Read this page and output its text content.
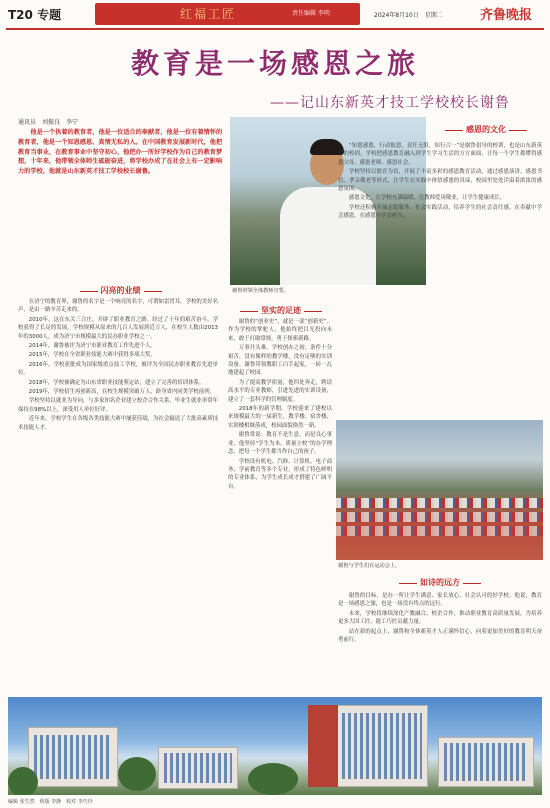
T20 专题	红福工匠	责任编辑 李明	2024年8月10日　星期二	齐鲁晚报
教育是一场感恩之旅
——记山东新英才技工学校校长谢鲁
通讯员　刘振良　李宁
他是一个执着的教育者，他是一位适合的奉献者，他是一位有着情怀的教育者，他是一个知恩感恩、真情无私的人。在中国教育发展新时代，他把教育当事业，在教育事业中坚守初心，他把办一所好学校作为自己的教育梦想，十年来，他带领全体师生砥砺奋进，将学校办成了在社会上有一定影响力的学校，他就是山东新英才技工学校校长谢鲁。
谢鲁带领全体教师宣誓。
闪亮的业绩

在济宁的教育界，谢鲁的名字是一个响亮的名字，可谓如雷贯耳，学校的美好名声，是由一路辛苦走来的。

2010年，这在东关三合庄，开辟了职业教育之路。经过了十年的艰苦奋斗，学校获得了长足的发展，学校规模从原来的几百人发展到近万人，在校生人数由2013年的3000人，成为济宁市规模最大的民办职业学校之一。

2014年，谢鲁被评为济宁市职业教育工作先进个人。

2015年，学校在全省职业技能大赛中获得多项大奖。

2016年，学校获批成为国家级重点技工学校，被评为全国民办职业教育先进单位。

2018年，学校被确定为山东省职业技能鉴定站，建立了完善的培训体系。

2019年，学校招生再创新高，在校生规模突破万人，跻身省内同类学校前列。

学校坚持以就业为导向，与多家知名企业建立校企合作关系，毕业生就业率常年保持在98%以上，深受用人单位好评。

近年来，学校学生在各级各类技能大赛中屡获佳绩，为社会输送了大批高素质技术技能人才。

坚实的足迹

谢鲁的“创业史”，就是一部“创新史”。作为学校的掌舵人，他始终把目光投向未来，敢于打破常规，勇于探索新路。

万事开头难。学校创办之初，条件十分艰苦，没有像样的教学楼，没有足够的实训设备。谢鲁带领教职工白手起家，一砖一瓦地建起了校园。

为了提高教学质量，他四处奔走，聘请高水平的专业教师，引进先进的实训设备，建立了一套科学的管理制度。

2018年的新学期，学校迎来了建校以来规模最大的一届新生，教学楼、宿舍楼、实训楼相继落成，校园面貌焕然一新。

谢鲁常说：教育不是生意，而是良心事业。他坚持“学生为本、质量立校”的办学理念，把每一个学生都当作自己的孩子。

学校设有机电、汽修、计算机、电子商务、学前教育等多个专业，形成了特色鲜明的专业体系，为学生成长成才搭建了广阔平台。

感恩的文化

“知恩感恩，行动报恩，责任无限，知行合一”是谢鲁倡导的校训，也是山东新英才的校训。学校把感恩教育融入到学生学习生活的方方面面，让每一个学生都懂得感恩父母、感恩老师、感恩社会。

学校坚持以德育为首，开展了丰富多彩的感恩教育活动，通过感恩演讲、感恩书信、孝亲敬老等形式，让学生在实践中体悟感恩的真谛，校园里处处洋溢着浓浓的感恩氛围。

感恩文化，让学校充满温暖，让教师爱岗敬业，让学生健康成长。

学校还积极开展志愿服务、社会实践活动，培养学生的社会责任感，在奉献中学会感恩，在感恩中学会担当。

谢鲁与学生们在运动会上。
如诗的远方

谢鲁的目标，是办一所让学生满意、家长放心、社会认可的好学校。他说，教育是一场感恩之旅，也是一场没有终点的远行。

未来，学校将继续深化产教融合、校企合作，推动职业教育高质量发展，为培养更多大国工匠、能工巧匠贡献力量。

站在新的起点上，谢鲁和全体新英才人正满怀信心，向着更加美好的教育明天奋勇前行。

编辑 张生然　组版 李静　校对 李巧玲
